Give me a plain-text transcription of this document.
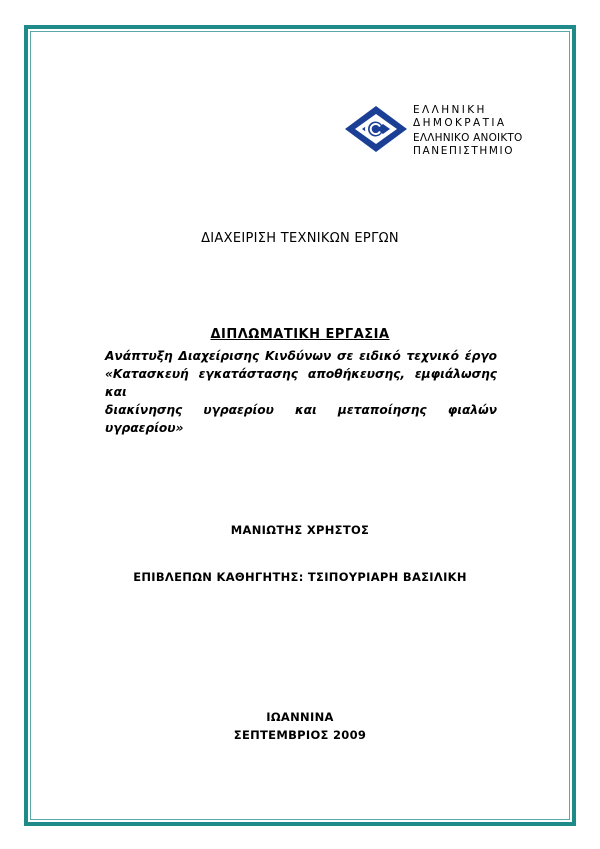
ΕΛΛΗΝΙΚΗ
ΔΗΜΟΚΡΑΤΙΑ
ΕΛΛΗΝΙΚΟ ΑΝΟΙΚΤΟ
ΠΑΝΕΠΙΣΤΗΜΙΟ
ΔΙΑΧΕΙΡΙΣΗ ΤΕΧΝΙΚΩΝ ΕΡΓΩΝ
ΔΙΠΛΩΜΑΤΙΚΗ ΕΡΓΑΣΙΑ
Ανάπτυξη Διαχείρισης Κινδύνων σε ειδικό τεχνικό έργο
«Κατασκευή εγκατάστασης αποθήκευσης, εμφιάλωσης και
διακίνησης υγραερίου και μεταποίησης φιαλών υγραερίου»
ΜΑΝΙΩΤΗΣ ΧΡΗΣΤΟΣ
ΕΠΙΒΛΕΠΩΝ ΚΑΘΗΓΗΤΗΣ: ΤΣΙΠΟΥΡΙΑΡΗ ΒΑΣΙΛΙΚΗ
ΙΩΑΝΝΙΝΑ
ΣΕΠΤΕΜΒΡΙΟΣ 2009
